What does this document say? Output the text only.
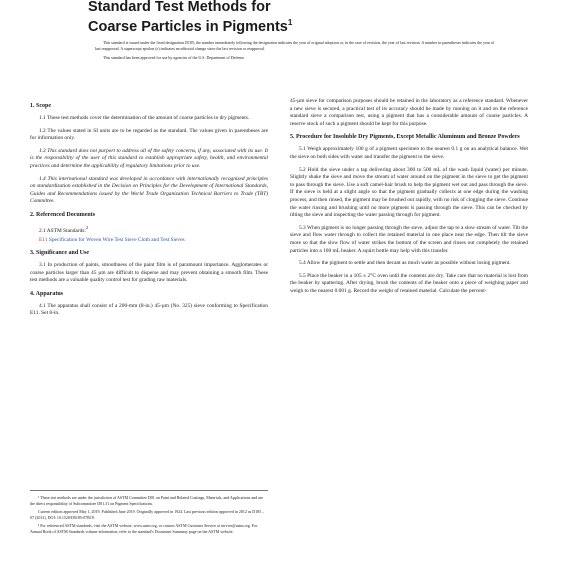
Standard Test Methods for
Coarse Particles in Pigments$^1$

This standard is issued under the fixed designation D185; the number immediately following the designation indicates the year of original adoption or, in the case of revision, the year of last revision. A number in parentheses indicates the year of last reapproval. A superscript epsilon (ε) indicates an editorial change since the last revision or reapproval.

This standard has been approved for use by agencies of the U.S. Department of Defense.

1. Scope

1.1 These test methods cover the determination of the amount of coarse particles in dry pigments.

1.2 The values stated in SI units are to be regarded as the standard. The values given in parentheses are for information only.

1.3 This standard does not purport to address all of the safety concerns, if any, associated with its use. It is the responsibility of the user of this standard to establish appropriate safety, health, and environmental practices and determine the applicability of regulatory limitations prior to use.

1.4 This international standard was developed in accordance with internationally recognized principles on standardization established in the Decision on Principles for the Development of International Standards, Guides and Recommendations issued by the World Trade Organization Technical Barriers to Trade (TBT) Committee.

2. Referenced Documents
2.1 ASTM Standards:$^2$
E11 Specification for Woven Wire Test Sieve Cloth and Test Sieves
3. Significance and Use

3.1 In production of paints, smoothness of the paint film is of paramount importance. Agglomerates or coarse particles larger than 45 µm are difficult to disperse and may prevent obtaining a smooth film. These test methods are a valuable quality control test for grading raw materials.

4. Apparatus

4.1 The apparatus shall consist of a 200-mm (8-in.) 45-µm (No. 325) sieve conforming to Specification E11. Set 8-in.

¹ These test methods are under the jurisdiction of ASTM Committee D01 on Paint and Related Coatings, Materials, and Applications and are the direct responsibility of Subcommittee D01.31 on Pigment Specifications.

Current edition approved May 1, 2019. Published June 2019. Originally approved in 1924. Last previous edition approved in 2012 as D185 – 07 (2012). DOI: 10.1520/D0185-07R19.

² For referenced ASTM standards, visit the ASTM website, www.astm.org, or contact ASTM Customer Service at service@astm.org. For Annual Book of ASTM Standards volume information, refer to the standard's Document Summary page on the ASTM website.

45-µm sieve for comparison purposes should be retained in the laboratory as a reference standard. Whenever a new sieve is secured, a practical test of its accuracy should be made by running on it and on the reference standard sieve a comparison test, using a pigment that has a considerable amount of coarse particles. A reserve stock of such a pigment should be kept for this purpose.

5. Procedure for Insoluble Dry Pigments, Except Metallic Aluminum and Bronze Powders

5.1 Weigh approximately 100 g of a pigment specimen to the nearest 0.1 g on an analytical balance. Wet the sieve on both sides with water and transfer the pigment to the sieve.

5.2 Hold the sieve under a tap delivering about 300 to 500 mL of the wash liquid (water) per minute. Slightly shake the sieve and move the stream of water around on the pigment in the sieve to get the pigment to pass through the sieve. Use a soft camel-hair brush to help the pigment wet out and pass through the sieve. If the sieve is held at a slight angle so that the pigment gradually collects at one edge during the washing process, and then rinsed, the pigment may be brushed out rapidly, with no risk of clogging the sieve. Continue the water rinsing and brushing until no more pigment is passing through the sieve. This can be checked by tilting the sieve and inspecting the water passing through for pigment.

5.3 When pigment is no longer passing through the sieve, adjust the tap to a slow stream of water. Tilt the sieve and flow water through to collect the retained material in one place near the edge. Then tilt the sieve more so that the slow flow of water strikes the bottom of the screen and rinses out completely the retained particles into a 100 mL beaker. A squirt bottle may help with this transfer.

5.4 Allow the pigment to settle and then decant as much water as possible without losing pigment.

5.5 Place the beaker in a 105 ± 2°C oven until the contents are dry. Take care that no material is lost from the beaker by spattering. After drying, brush the contents of the beaker onto a piece of weighing paper and weigh to the nearest 0.001 g. Record the weight of retained material. Calculate the percent-
